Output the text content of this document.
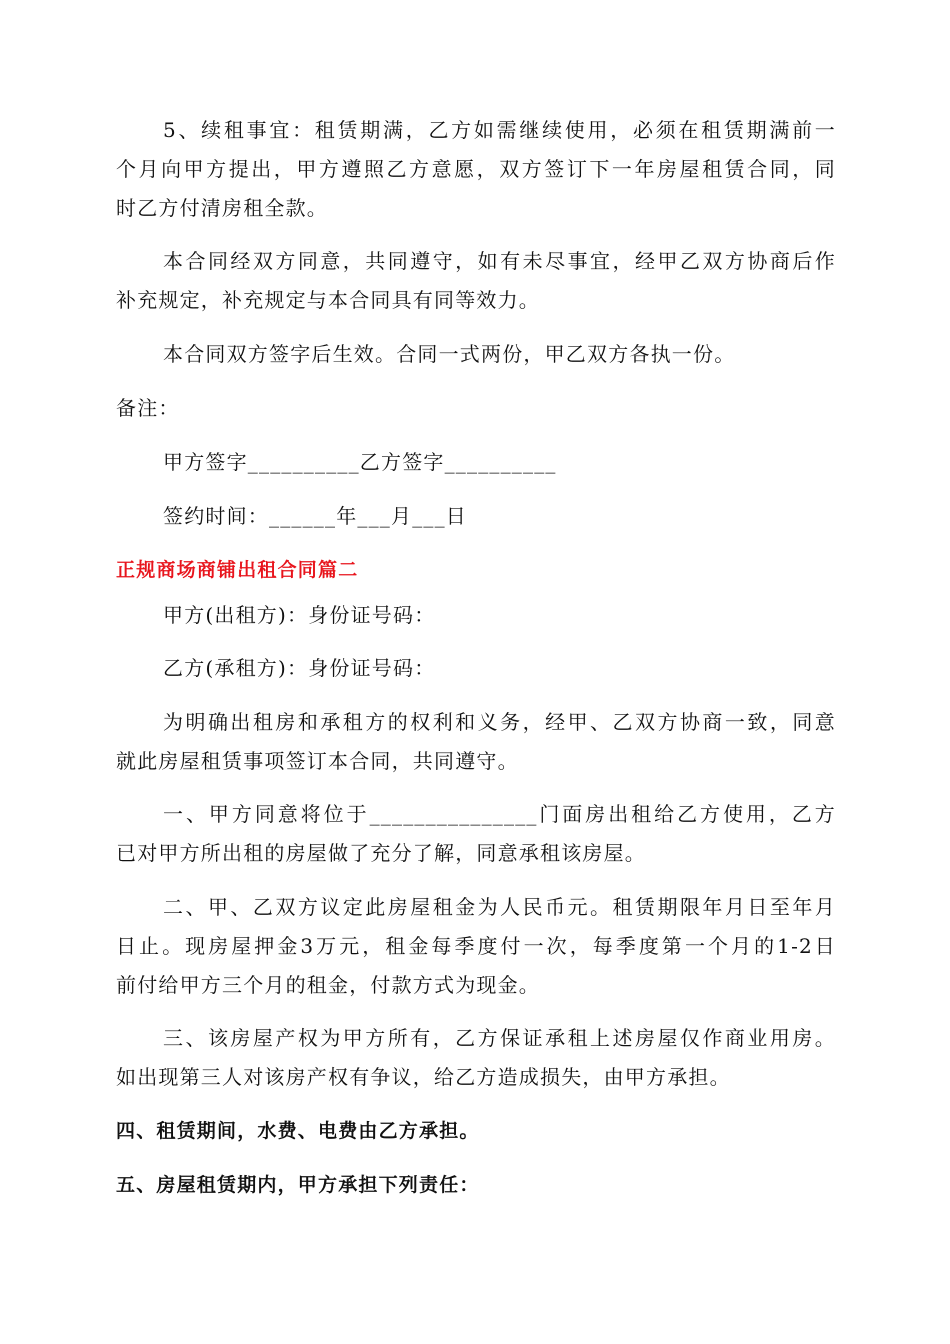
5、续租事宜：租赁期满，乙方如需继续使用，必须在租赁期满前一
个月向甲方提出，甲方遵照乙方意愿，双方签订下一年房屋租赁合同，同
时乙方付清房租全款。
本合同经双方同意，共同遵守，如有未尽事宜，经甲乙双方协商后作
补充规定，补充规定与本合同具有同等效力。
本合同双方签字后生效。合同一式两份，甲乙双方各执一份。
备注：
甲方签字__________乙方签字__________
签约时间：______年___月___日
正规商场商铺出租合同篇二
甲方(出租方)：身份证号码：
乙方(承租方)：身份证号码：
为明确出租房和承租方的权利和义务，经甲、乙双方协商一致，同意
就此房屋租赁事项签订本合同，共同遵守。
一、甲方同意将位于_______________门面房出租给乙方使用，乙方
已对甲方所出租的房屋做了充分了解，同意承租该房屋。
二、甲、乙双方议定此房屋租金为人民币元。租赁期限年月日至年月
日止。现房屋押金3万元，租金每季度付一次，每季度第一个月的1-2日
前付给甲方三个月的租金，付款方式为现金。
三、该房屋产权为甲方所有，乙方保证承租上述房屋仅作商业用房。
如出现第三人对该房产权有争议，给乙方造成损失，由甲方承担。
四、租赁期间，水费、电费由乙方承担。
五、房屋租赁期内，甲方承担下列责任：
